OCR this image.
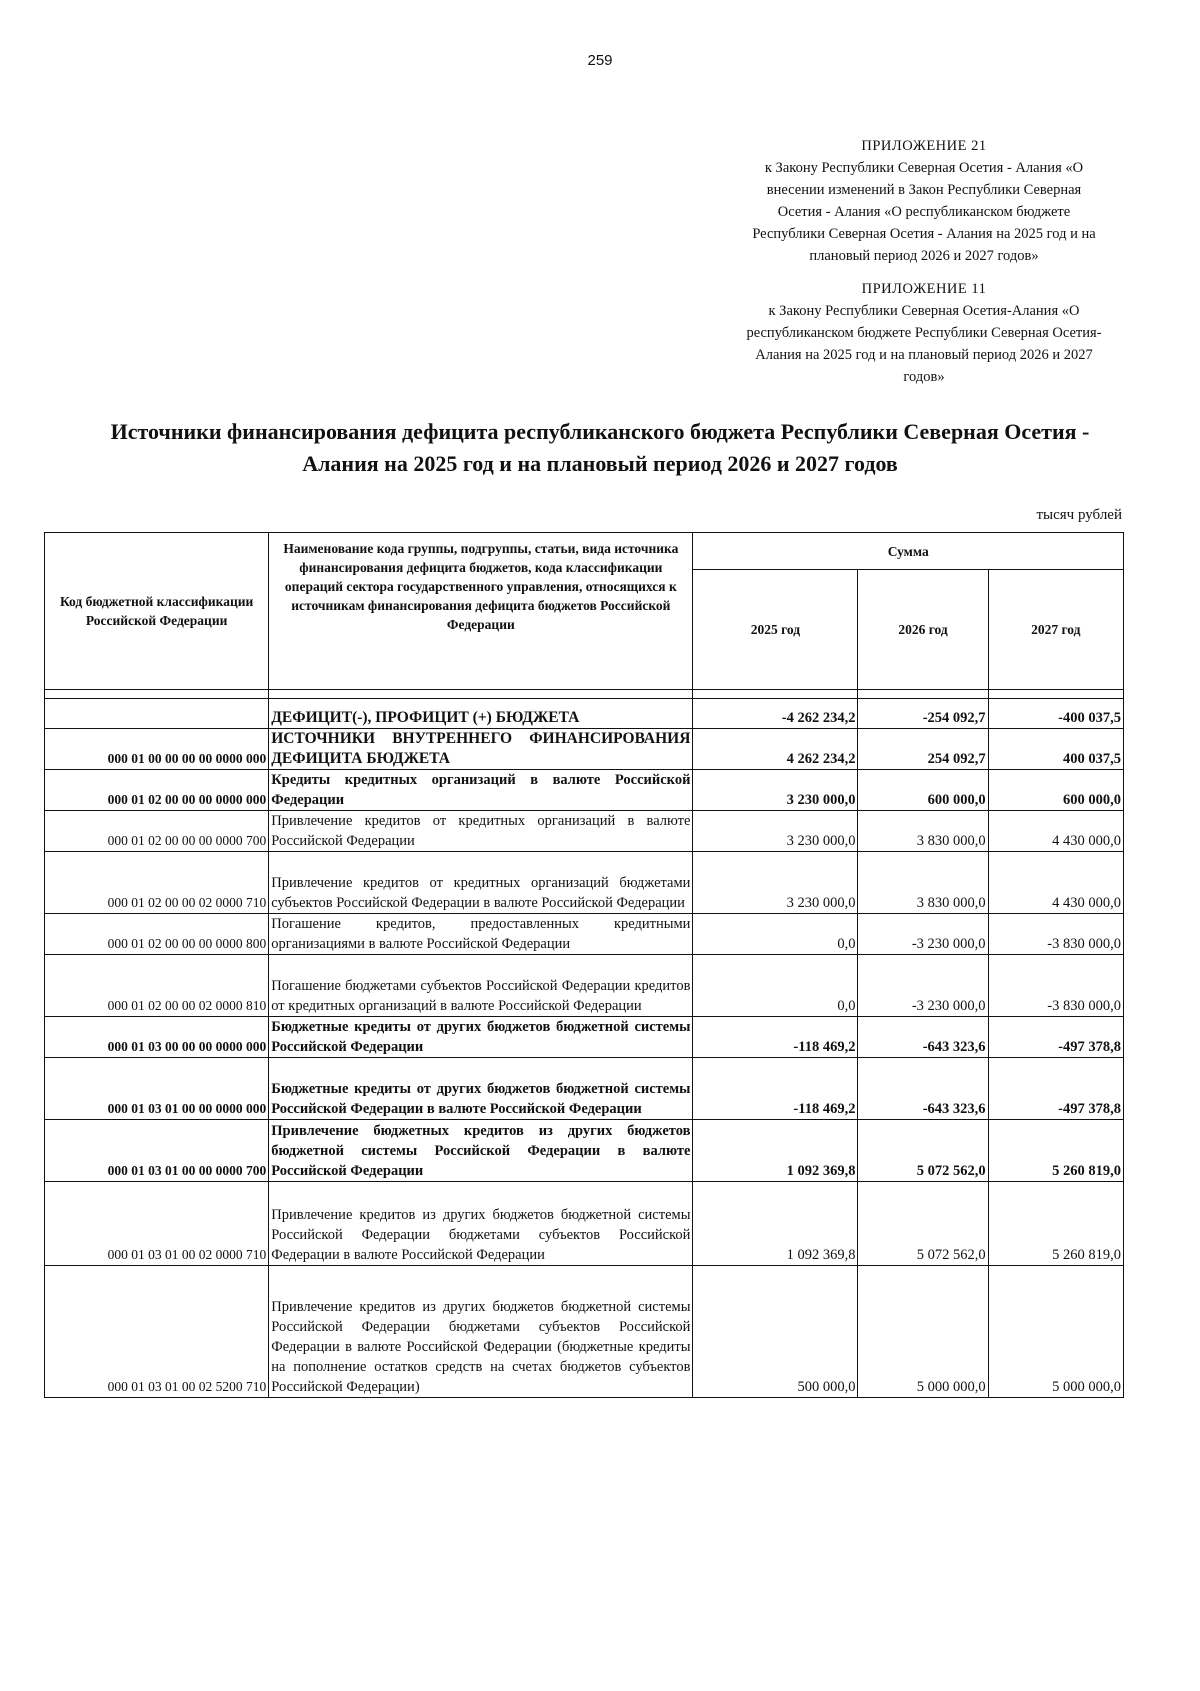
259
ПРИЛОЖЕНИЕ 21
к Закону Республики Северная Осетия - Алания «О
внесении изменений в Закон Республики Северная
Осетия - Алания «О республиканском бюджете
Республики Северная Осетия - Алания на 2025 год и на
плановый период 2026 и 2027 годов»
ПРИЛОЖЕНИЕ 11
к Закону Республики Северная Осетия-Алания «О
республиканском бюджете Республики Северная Осетия-
Алания на 2025 год и на плановый период 2026 и 2027
годов»
Источники финансирования дефицита республиканского бюджета Республики Северная Осетия -
Алания на 2025 год и на плановый период 2026 и 2027 годов
тысяч рублей
Код бюджетной классификации Российской Федерации	Наименование кода группы, подгруппы, статьи, вида источника финансирования дефицита бюджетов, кода классификации операций сектора государственного управления, относящихся к источникам финансирования дефицита бюджетов Российской Федерации	Сумма		
		2025 год	2026 год	2027 год

	ДЕФИЦИТ(-), ПРОФИЦИТ (+) БЮДЖЕТА	-4 262 234,2	-254 092,7	-400 037,5
000 01 00 00 00 00 0000 000	ИСТОЧНИКИ ВНУТРЕННЕГО ФИНАНСИРОВАНИЯ ДЕФИЦИТА БЮДЖЕТА	4 262 234,2	254 092,7	400 037,5
000 01 02 00 00 00 0000 000	Кредиты кредитных организаций в валюте Российской Федерации	3 230 000,0	600 000,0	600 000,0
000 01 02 00 00 00 0000 700	Привлечение кредитов от кредитных организаций в валюте Российской Федерации	3 230 000,0	3 830 000,0	4 430 000,0
000 01 02 00 00 02 0000 710	Привлечение кредитов от кредитных организаций бюджетами субъектов Российской Федерации в валюте Российской Федерации	3 230 000,0	3 830 000,0	4 430 000,0
000 01 02 00 00 00 0000 800	Погашение кредитов, предоставленных кредитными организациями в валюте Российской Федерации	0,0	-3 230 000,0	-3 830 000,0
000 01 02 00 00 02 0000 810	Погашение бюджетами субъектов Российской Федерации кредитов от кредитных организаций в валюте Российской Федерации	0,0	-3 230 000,0	-3 830 000,0
000 01 03 00 00 00 0000 000	Бюджетные кредиты от других бюджетов бюджетной системы Российской Федерации	-118 469,2	-643 323,6	-497 378,8
000 01 03 01 00 00 0000 000	Бюджетные кредиты от других бюджетов бюджетной системы Российской Федерации в валюте Российской Федерации	-118 469,2	-643 323,6	-497 378,8
000 01 03 01 00 00 0000 700	Привлечение бюджетных кредитов из других бюджетов бюджетной системы Российской Федерации в валюте Российской Федерации	1 092 369,8	5 072 562,0	5 260 819,0
000 01 03 01 00 02 0000 710	Привлечение кредитов из других бюджетов бюджетной системы Российской Федерации бюджетами субъектов Российской Федерации в валюте Российской Федерации	1 092 369,8	5 072 562,0	5 260 819,0
000 01 03 01 00 02 5200 710	Привлечение кредитов из других бюджетов бюджетной системы Российской Федерации бюджетами субъектов Российской Федерации в валюте Российской Федерации (бюджетные кредиты на пополнение остатков средств на счетах бюджетов субъектов Российской Федерации)	500 000,0	5 000 000,0	5 000 000,0
